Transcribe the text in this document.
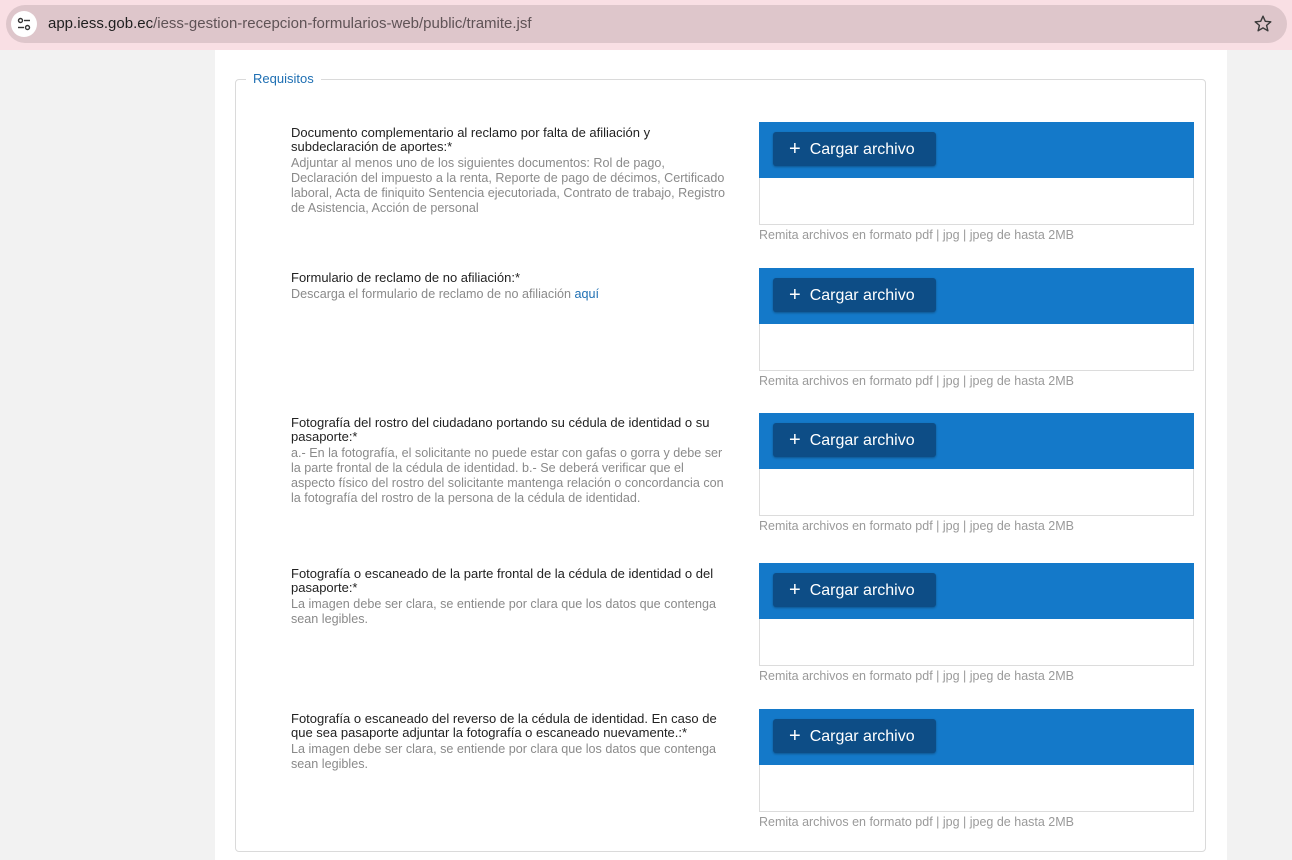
app.iess.gob.ec/iess-gestion-recepcion-formularios-web/public/tramite.jsf
Requisitos
Documento complementario al reclamo por falta de afiliación y subdeclaración de aportes:*
Adjuntar al menos uno de los siguientes documentos: Rol de pago, Declaración del impuesto a la renta, Reporte de pago de décimos, Certificado laboral, Acta de finiquito Sentencia ejecutoriada, Contrato de trabajo, Registro de Asistencia, Acción de personal
+ Cargar archivo
Remita archivos en formato pdf | jpg | jpeg de hasta 2MB
Formulario de reclamo de no afiliación:*
Descarga el formulario de reclamo de no afiliación aquí	+ Cargar archivo
Remita archivos en formato pdf | jpg | jpeg de hasta 2MB
Fotografía del rostro del ciudadano portando su cédula de identidad o su pasaporte:*
a.- En la fotografía, el solicitante no puede estar con gafas o gorra y debe ser la parte frontal de la cédula de identidad. b.- Se deberá verificar que el aspecto físico del rostro del solicitante mantenga relación o concordancia con la fotografía del rostro de la persona de la cédula de identidad.
+ Cargar archivo
Remita archivos en formato pdf | jpg | jpeg de hasta 2MB
Fotografía o escaneado de la parte frontal de la cédula de identidad o del pasaporte:*
La imagen debe ser clara, se entiende por clara que los datos que contenga sean legibles.
+ Cargar archivo
Remita archivos en formato pdf | jpg | jpeg de hasta 2MB
Fotografía o escaneado del reverso de la cédula de identidad. En caso de que sea pasaporte adjuntar la fotografía o escaneado nuevamente.:*
La imagen debe ser clara, se entiende por clara que los datos que contenga sean legibles.
+ Cargar archivo
Remita archivos en formato pdf | jpg | jpeg de hasta 2MB
